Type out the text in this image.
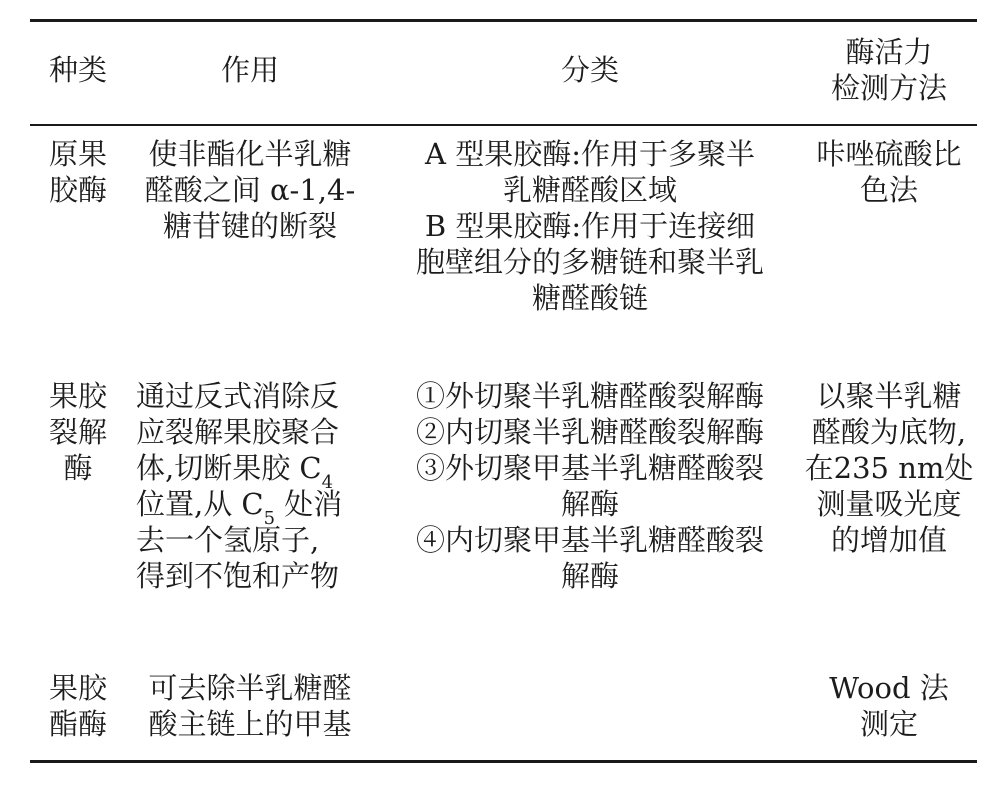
种类	作用	分类
酶活力
检测方法
原果
胶酶
使非酯化半乳糖
醛酸之间 α-1,4-
糖苷键的断裂
A 型果胶酶:作用于多聚半
乳糖醛酸区域
B 型果胶酶:作用于连接细
胞壁组分的多糖链和聚半乳
糖醛酸链
咔唑硫酸比
色法
果胶
裂解
酶
通过反式消除反
应裂解果胶聚合
体,切断果胶 $C_4$
位置,从 $C_5$ 处消
去一个氢原子,
得到不饱和产物
①外切聚半乳糖醛酸裂解酶
②内切聚半乳糖醛酸裂解酶
③外切聚甲基半乳糖醛酸裂
解酶
④内切聚甲基半乳糖醛酸裂
解酶
以聚半乳糖
醛酸为底物,
在235 nm处
测量吸光度
的增加值
果胶
酯酶
可去除半乳糖醛
酸主链上的甲基
Wood 法
测定
